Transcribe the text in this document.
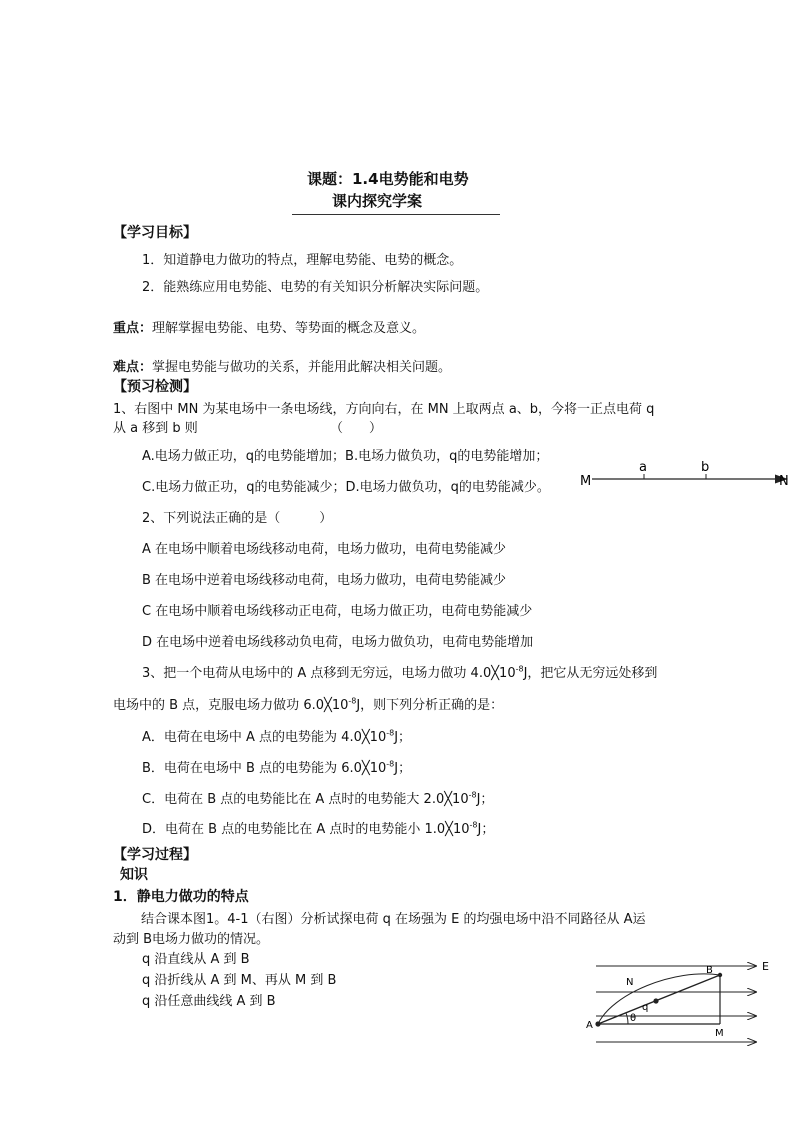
课题：1.4电势能和电势
课内探究学案
【学习目标】
1．知道静电力做功的特点，理解电势能、电势的概念。
2．能熟练应用电势能、电势的有关知识分析解决实际问题。
重点：理解掌握电势能、电势、等势面的概念及意义。
难点：掌握电势能与做功的关系，并能用此解决相关问题。
【预习检测】
1、右图中 MN 为某电场中一条电场线，方向向右，在 MN 上取两点 a、b，今将一正点电荷 q
从 a 移到 b 则	（　　）
A.电场力做正功，q的电势能增加；B.电场力做负功，q的电势能增加；
C.电场力做正功，q的电势能减少；D.电场力做负功，q的电势能减少。 M
a	b
N
2、下列说法正确的是（　　　）
A 在电场中顺着电场线移动电荷，电场力做功，电荷电势能减少
B 在电场中逆着电场线移动电荷，电场力做功，电荷电势能减少
C 在电场中顺着电场线移动正电荷，电场力做正功，电荷电势能减少
D 在电场中逆着电场线移动负电荷，电场力做负功，电荷电势能增加
3、把一个电荷从电场中的 A 点移到无穷远，电场力做功 $4.0╳10^{-8}J$，把它从无穷远处移到
电场中的 B 点，克服电场力做功 $6.0╳10^{-8}J$，则下列分析正确的是：
A．电荷在电场中 A 点的电势能为 $4.0╳10^{-8}J$；
B．电荷在电场中 B 点的电势能为 $6.0╳10^{-8}J$；
C．电荷在 B 点的电势能比在 A 点时的电势能大 $2.0╳10^{-8}J$；
D．电荷在 B 点的电势能比在 A 点时的电势能小 $1.0╳10^{-8}J$；
【学习过程】
知识
1．静电力做功的特点
结合课本图1。4-1（右图）分析试探电荷 q 在场强为 E 的均强电场中沿不同路径从 A运
动到 B电场力做功的情况。
q 沿直线从 A 到 B
q 沿折线从 A 到 M、再从 M 到 B
q 沿任意曲线线 A 到 B
E
N
B
q
A
θ
M
